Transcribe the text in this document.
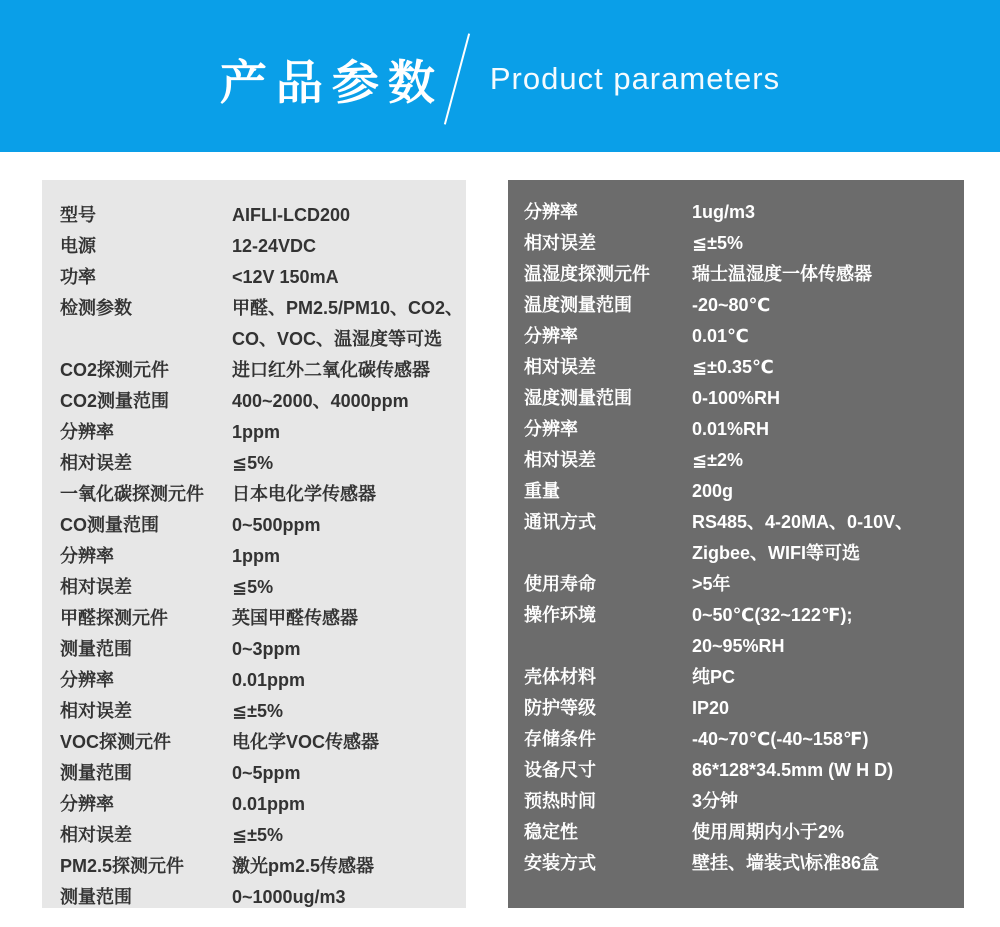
产品参数 Product parameters
型号	AIFLI-LCD200
电源	12-24VDC
功率	<12V 150mA
检测参数	甲醛、PM2.5/PM10、CO2、
CO、VOC、温湿度等可选
CO2探测元件	进口红外二氧化碳传感器
CO2测量范围	400~2000、4000ppm
分辨率	1ppm
相对误差	≦5%
一氧化碳探测元件	日本电化学传感器
CO测量范围	0~500ppm
分辨率	1ppm
相对误差	≦5%
甲醛探测元件	英国甲醛传感器
测量范围	0~3ppm
分辨率	0.01ppm
相对误差	≦±5%
VOC探测元件	电化学VOC传感器
测量范围	0~5ppm
分辨率	0.01ppm
相对误差	≦±5%
PM2.5探测元件	激光pm2.5传感器
测量范围	0~1000ug/m3
分辨率	1ug/m3
相对误差	≦±5%
温湿度探测元件	瑞士温湿度一体传感器
温度测量范围	-20~80℃
分辨率	0.01℃
相对误差	≦±0.35℃
湿度测量范围	0-100%RH
分辨率	0.01%RH
相对误差	≦±2%
重量	200g
通讯方式	RS485、4-20MA、0-10V、
Zigbee、WIFI等可选
使用寿命	>5年
操作环境	0~50℃(32~122℉);
20~95%RH
壳体材料	纯PC
防护等级	IP20
存储条件	-40~70℃(-40~158℉)
设备尺寸	86*128*34.5mm (W H D)
预热时间	3分钟
稳定性	使用周期内小于2%
安装方式	壁挂、墙装式\标准86盒
